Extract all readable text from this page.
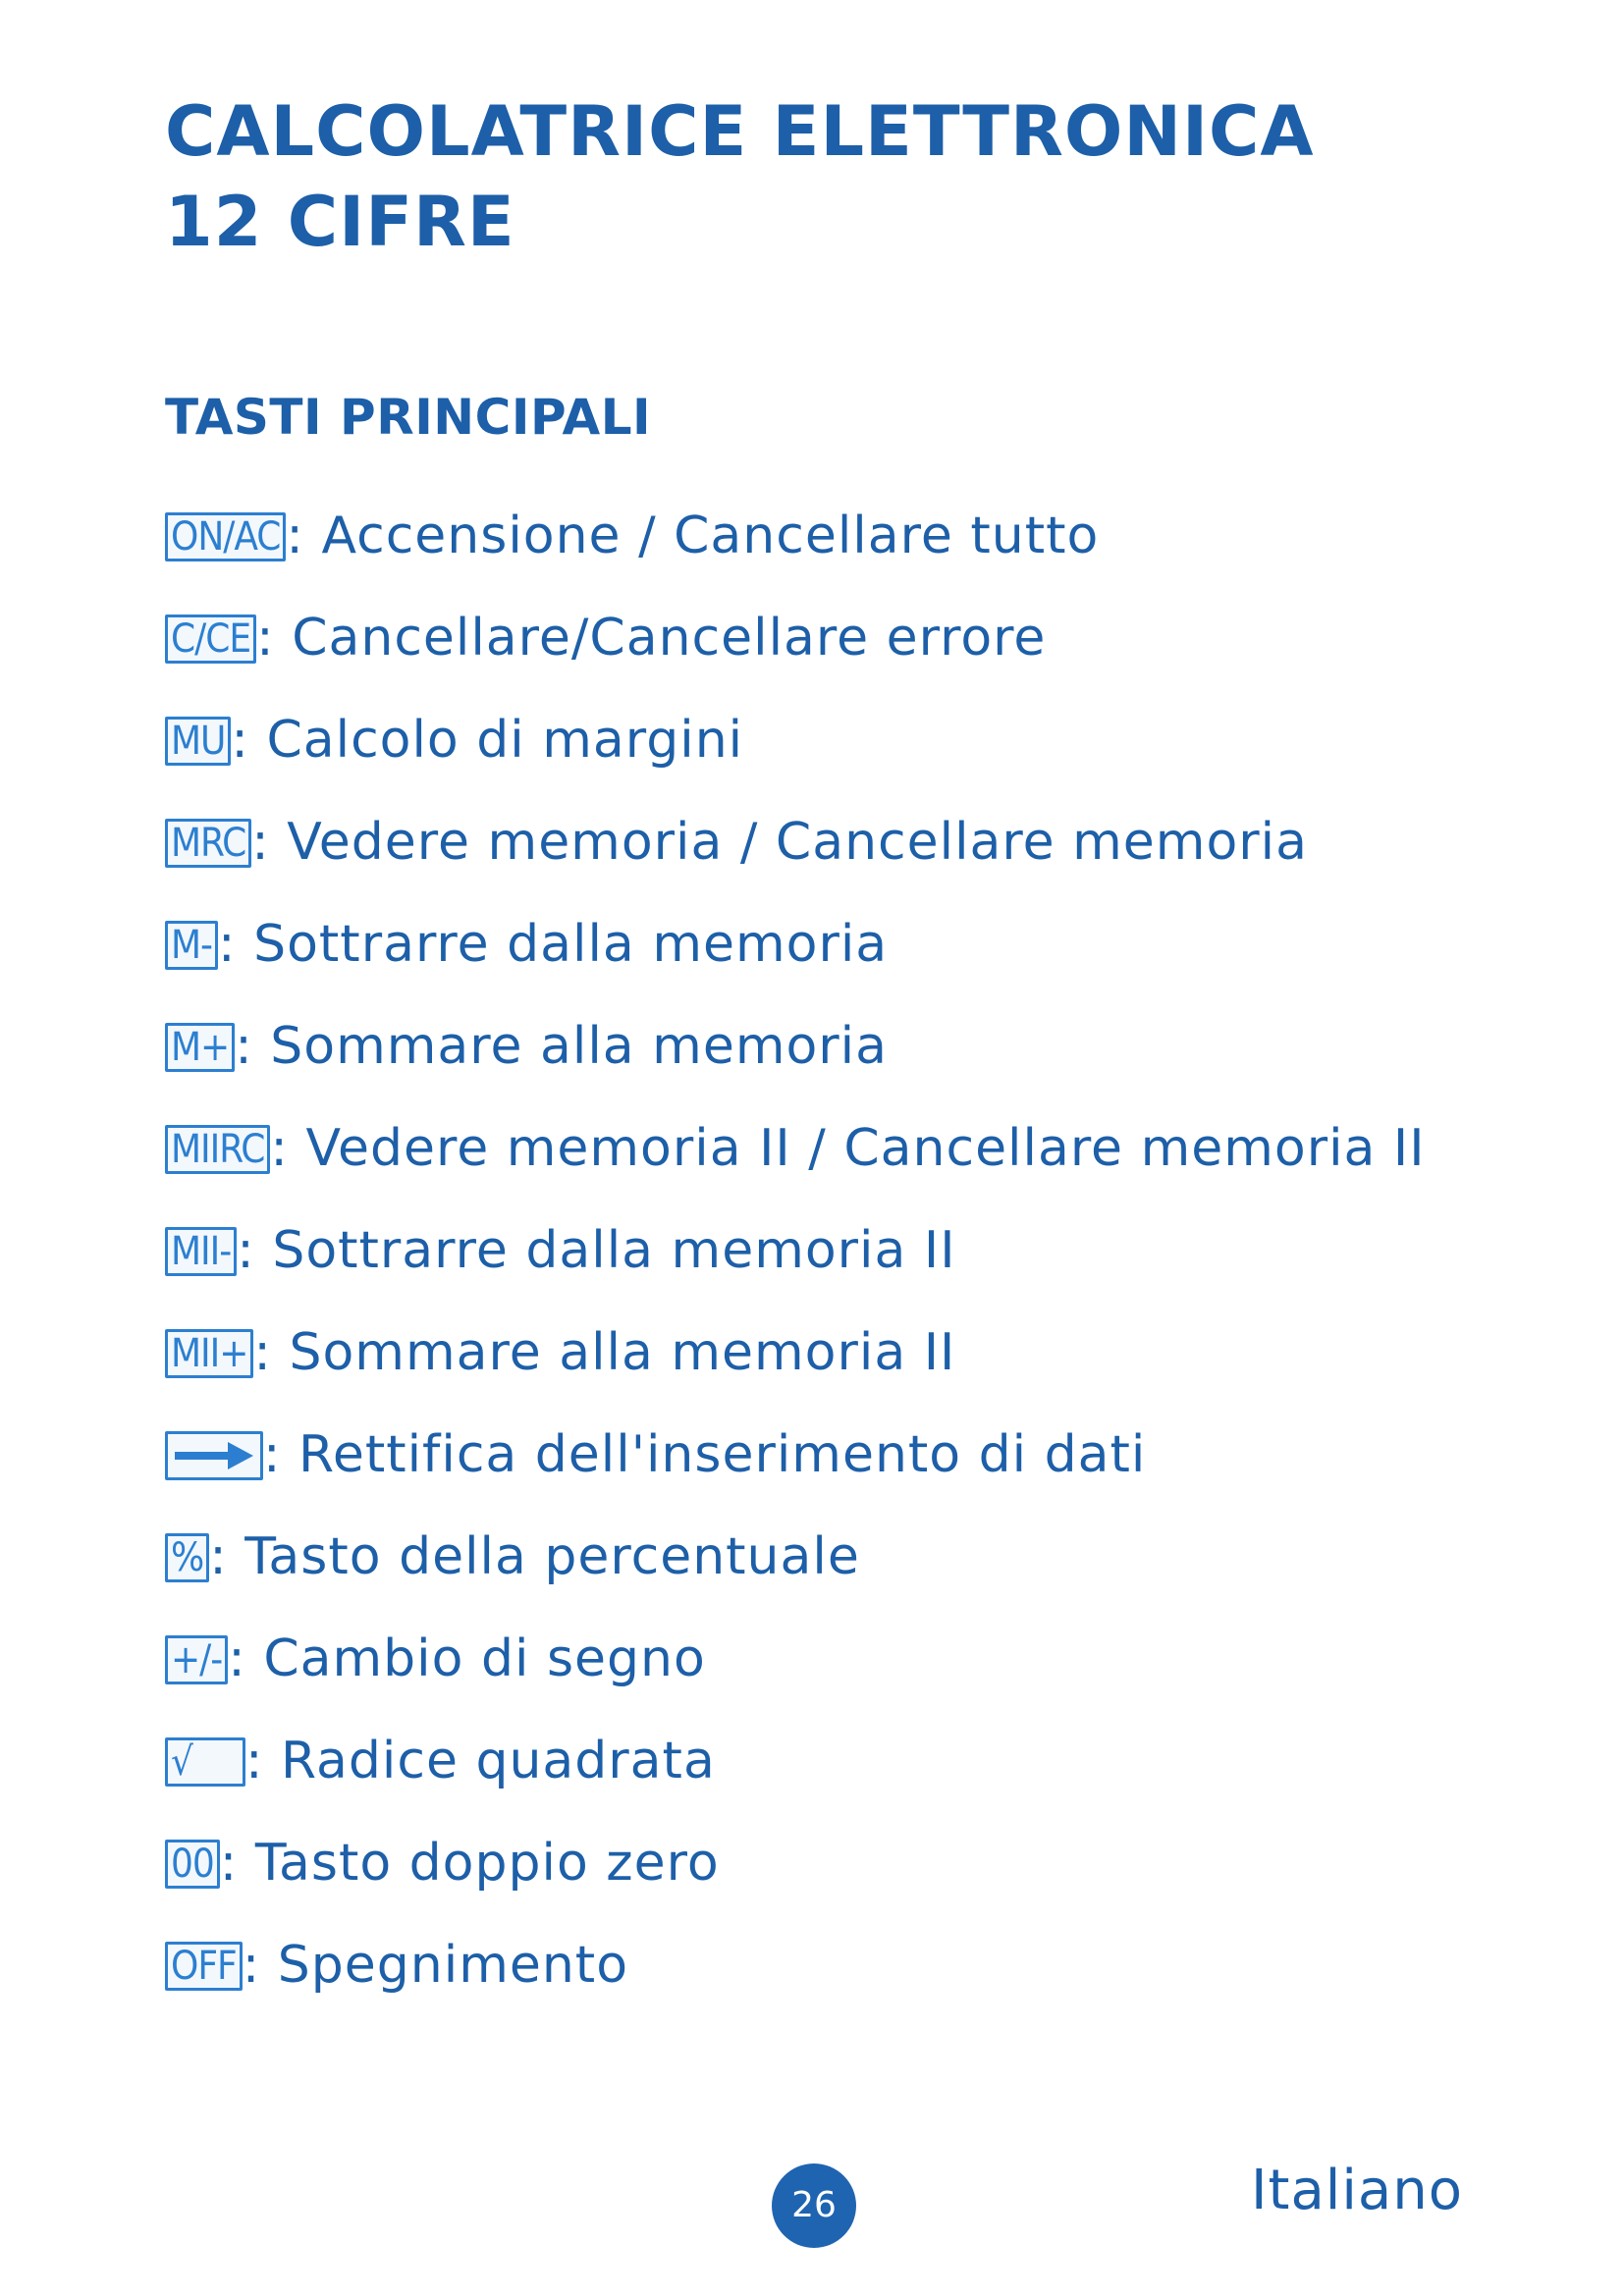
CALCOLATRICE ELETTRONICA
12 CIFRE
TASTI PRINCIPALI
ON/AC : Accensione / Cancellare tutto
C/CE : Cancellare/Cancellare errore
MU : Calcolo di margini
MRC : Vedere memoria / Cancellare memoria
M- : Sottrarre dalla memoria
M+ : Sommare alla memoria
MIIRC : Vedere memoria II / Cancellare memoria II
MII- : Sottrarre dalla memoria II
MII+ : Sommare alla memoria II
: Rettifica dell'inserimento di dati
% : Tasto della percentuale
+/- : Cambio di segno
√	: Radice quadrata
00 : Tasto doppio zero
OFF : Spegnimento
26	Italiano
